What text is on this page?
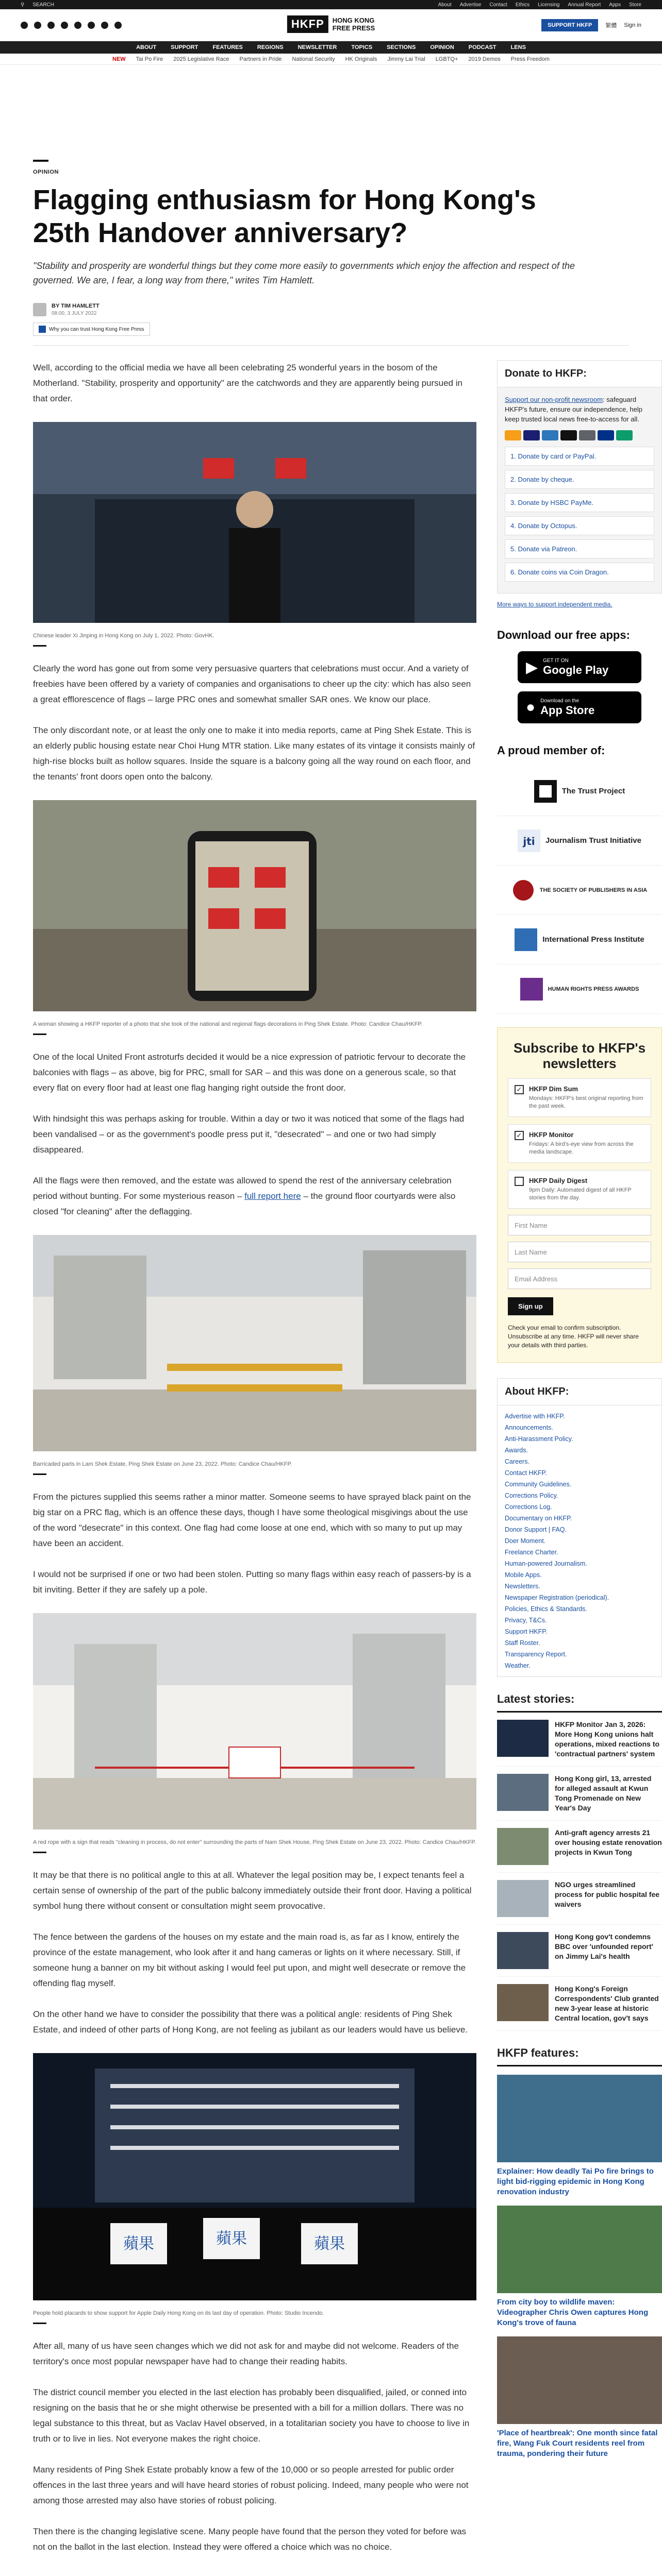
⚲ SEARCH	About Advertise Contact Ethics Licensing Annual Report Apps Store
HKFP	HONG KONG
FREE PRESS	SUPPORT HKFP	繁體 Sign in
ABOUT	SUPPORT	FEATURES	REGIONS	NEWSLETTER	TOPICS	SECTIONS	OPINION	PODCAST	LENS
NEW Tai Po Fire 2025 Legislative Race Partners in Pride National Security HK Originals Jimmy Lai Trial LGBTQ+ 2019 Demos Press Freedom
OPINION
Flagging enthusiasm for Hong Kong's 25th Handover anniversary?
"Stability and prosperity are wonderful things but they come more easily to governments which enjoy the affection and respect of the governed. We are, I fear, a long way from there," writes Tim Hamlett.
BY TIM HAMLETT
08:00, 3 JULY 2022
Why you can trust Hong Kong Free Press

Well, according to the official media we have all been celebrating 25 wonderful years in the bosom of the Motherland. "Stability, prosperity and opportunity" are the catchwords and they are apparently being pursued in that order.

Chinese leader Xi Jinping in Hong Kong on July 1, 2022. Photo: GovHK.

Clearly the word has gone out from some very persuasive quarters that celebrations must occur. And a variety of freebies have been offered by a variety of companies and organisations to cheer up the city: which has also seen a great efflorescence of flags – large PRC ones and somewhat smaller SAR ones. We know our place.

The only discordant note, or at least the only one to make it into media reports, came at Ping Shek Estate. This is an elderly public housing estate near Choi Hung MTR station. Like many estates of its vintage it consists mainly of high-rise blocks built as hollow squares. Inside the square is a balcony going all the way round on each floor, and the tenants' front doors open onto the balcony.

A woman showing a HKFP reporter of a photo that she took of the national and regional flags decorations in Ping Shek Estate. Photo: Candice Chau/HKFP.

One of the local United Front astroturfs decided it would be a nice expression of patriotic fervour to decorate the balconies with flags – as above, big for PRC, small for SAR – and this was done on a generous scale, so that every flat on every floor had at least one flag hanging right outside the front door.

With hindsight this was perhaps asking for trouble. Within a day or two it was noticed that some of the flags had been vandalised – or as the government's poodle press put it, "desecrated" – and one or two had simply disappeared.

All the flags were then removed, and the estate was allowed to spend the rest of the anniversary celebration period without bunting. For some mysterious reason – full report here – the ground floor courtyards were also closed "for cleaning" after the deflagging.

Barricaded parts in Lam Shek Estate, Ping Shek Estate on June 23, 2022. Photo: Candice Chau/HKFP.

From the pictures supplied this seems rather a minor matter. Someone seems to have sprayed black paint on the big star on a PRC flag, which is an offence these days, though I have some theological misgivings about the use of the word "desecrate" in this context. One flag had come loose at one end, which with so many to put up may have been an accident.

I would not be surprised if one or two had been stolen. Putting so many flags within easy reach of passers-by is a bit inviting. Better if they are safely up a pole.

A red rope with a sign that reads "cleaning in process, do not enter" surrounding the parts of Nam Shek House, Ping Shek Estate on June 23, 2022. Photo: Candice Chau/HKFP.

It may be that there is no political angle to this at all. Whatever the legal position may be, I expect tenants feel a certain sense of ownership of the part of the public balcony immediately outside their front door. Having a political symbol hung there without consent or consultation might seem provocative.

The fence between the gardens of the houses on my estate and the main road is, as far as I know, entirely the province of the estate management, who look after it and hang cameras or lights on it where necessary. Still, if someone hung a banner on my bit without asking I would feel put upon, and might well desecrate or remove the offending flag myself.

On the other hand we have to consider the possibility that there was a political angle: residents of Ping Shek Estate, and indeed of other parts of Hong Kong, are not feeling as jubilant as our leaders would have us believe.

蘋果	蘋果	蘋果
People hold placards to show support for Apple Daily Hong Kong on its last day of operation. Photo: Studio Incendo.

After all, many of us have seen changes which we did not ask for and maybe did not welcome. Readers of the territory's once most popular newspaper have had to change their reading habits.

The district council member you elected in the last election has probably been disqualified, jailed, or conned into resigning on the basis that he or she might otherwise be presented with a bill for a million dollars. There was no legal substance to this threat, but as Vaclav Havel observed, in a totalitarian society you have to choose to live in truth or to live in lies. Not everyone makes the right choice.

Many residents of Ping Shek Estate probably know a few of the 10,000 or so people arrested for public order offences in the last three years and will have heard stories of robust policing. Indeed, many people who were not among those arrested may also have stories of robust policing.

Then there is the changing legislative scene. Many people have found that the person they voted for before was not on the ballot in the last election. Instead they were offered a choice which was no choice.

Donate to HKFP:

Support our non-profit newsroom: safeguard HKFP's future, ensure our independence, help keep trusted local news free-to-access for all.

1. Donate by card or PayPal.
2. Donate by cheque.
3. Donate by HSBC PayMe.
4. Donate by Octopus.
5. Donate via Patreon.
6. Donate coins via Coin Dragon.
More ways to support independent media.
Download our free apps:
▶ GET IT ON
Google Play
● Download on the
App Store
A proud member of:
The Trust Project
jti Journalism Trust Initiative
THE SOCIETY OF PUBLISHERS IN ASIA
International Press Institute
HUMAN RIGHTS PRESS AWARDS
Subscribe to HKFP's newsletters
✓ HKFP Dim Sum
Mondays: HKFP's best original reporting from the past week.
✓ HKFP Monitor
Fridays: A bird's-eye view from across the media landscape.
HKFP Daily Digest
9pm Daily: Automated digest of all HKFP stories from the day.
First Name
Last Name
Email Address
Sign up
Check your email to confirm subscription. Unsubscribe at any time. HKFP will never share your details with third parties.
About HKFP:
Advertise with HKFP.
Announcements.
Anti-Harassment Policy.
Awards.
Careers.
Contact HKFP.
Community Guidelines.
Corrections Policy.
Corrections Log.
Documentary on HKFP.
Donor Support | FAQ.
Doer Moment.
Freelance Charter.
Human-powered Journalism.
Mobile Apps.
Newsletters.
Newspaper Registration (periodical).
Policies, Ethics & Standards.
Privacy, T&Cs.
Support HKFP.
Staff Roster.
Transparency Report.
Weather.
Latest stories:
HKFP Monitor Jan 3, 2026: More Hong Kong unions halt operations, mixed reactions to 'contractual partners' system
Hong Kong girl, 13, arrested for alleged assault at Kwun Tong Promenade on New Year's Day
Anti-graft agency arrests 21 over housing estate renovation projects in Kwun Tong
NGO urges streamlined process for public hospital fee waivers
Hong Kong gov't condemns BBC over 'unfounded report' on Jimmy Lai's health
Hong Kong's Foreign Correspondents' Club granted new 3-year lease at historic Central location, gov't says
HKFP features:
Explainer: How deadly Tai Po fire brings to light bid-rigging epidemic in Hong Kong renovation industry
From city boy to wildlife maven: Videographer Chris Owen captures Hong Kong's trove of fauna
'Place of heartbreak': One month since fatal fire, Wang Fuk Court residents reel from trauma, pondering their future
